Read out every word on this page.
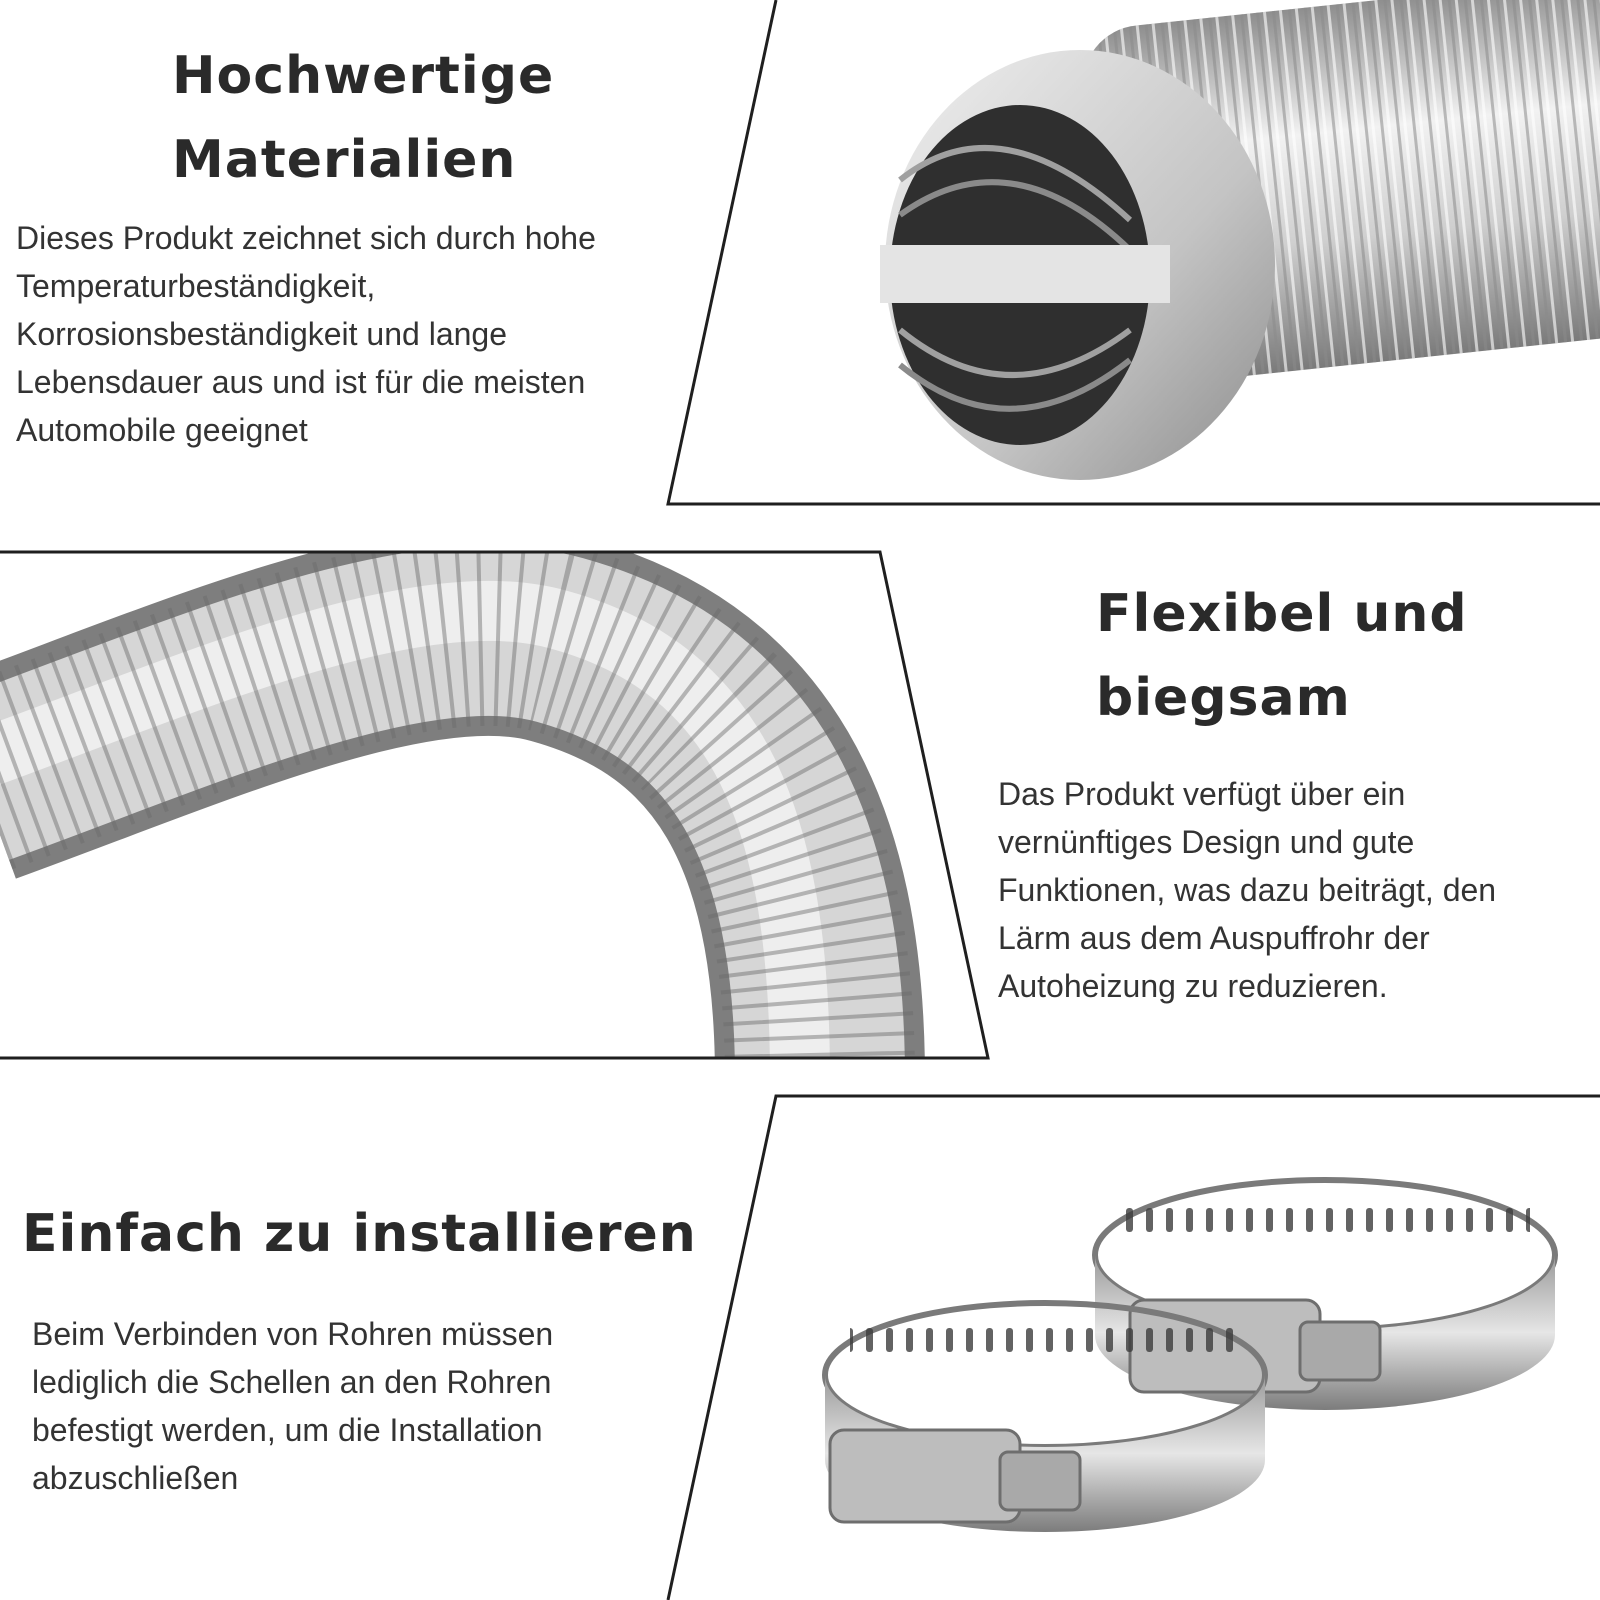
Hochwertige
Materialien

Dieses Produkt zeichnet sich durch hohe
Temperaturbeständigkeit,
Korrosionsbeständigkeit und lange
Lebensdauer aus und ist für die meisten
Automobile geeignet

Flexibel und
biegsam

Das Produkt verfügt über ein
vernünftiges Design und gute
Funktionen, was dazu beiträgt, den
Lärm aus dem Auspuffrohr der
Autoheizung zu reduzieren.

Einfach zu installieren

Beim Verbinden von Rohren müssen
lediglich die Schellen an den Rohren
befestigt werden, um die Installation
abzuschließen
